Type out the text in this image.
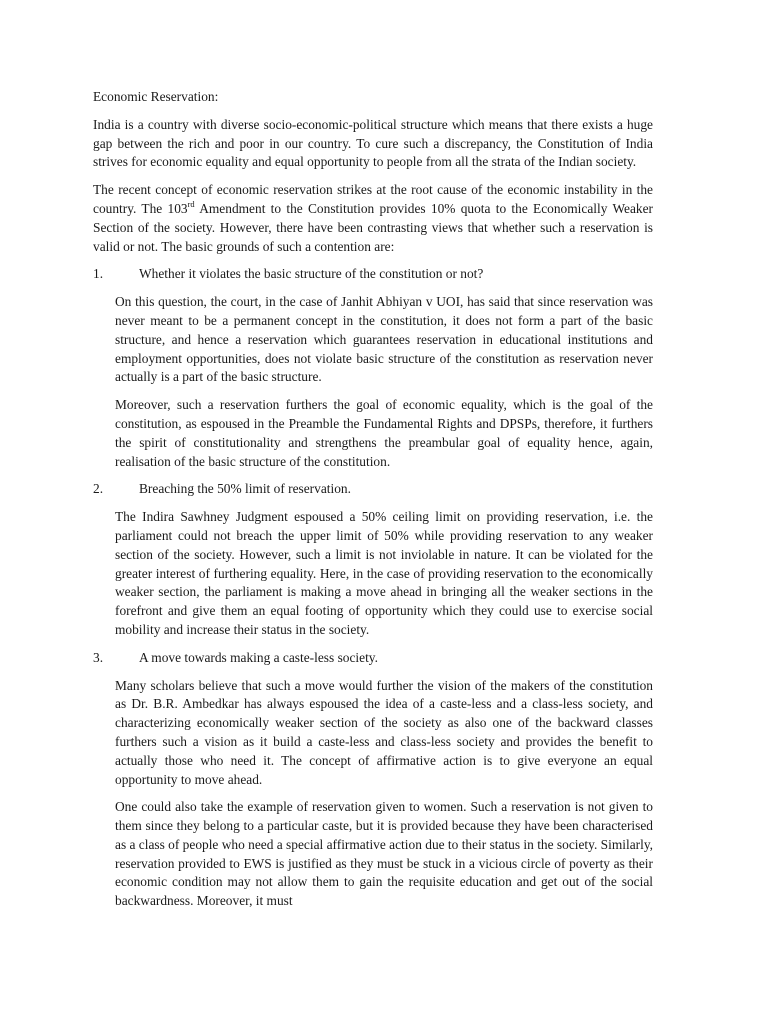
Economic Reservation:

India is a country with diverse socio-economic-political structure which means that there exists a huge gap between the rich and poor in our country. To cure such a discrepancy, the Constitution of India strives for economic equality and equal opportunity to people from all the strata of the Indian society.

The recent concept of economic reservation strikes at the root cause of the economic instability in the country. The 103rd Amendment to the Constitution provides 10% quota to the Economically Weaker Section of the society. However, there have been contrasting views that whether such a reservation is valid or not. The basic grounds of such a contention are:

1.	Whether it violates the basic structure of the constitution or not?

On this question, the court, in the case of Janhit Abhiyan v UOI, has said that since reservation was never meant to be a permanent concept in the constitution, it does not form a part of the basic structure, and hence a reservation which guarantees reservation in educational institutions and employment opportunities, does not violate basic structure of the constitution as reservation never actually is a part of the basic structure.

Moreover, such a reservation furthers the goal of economic equality, which is the goal of the constitution, as espoused in the Preamble the Fundamental Rights and DPSPs, therefore, it furthers the spirit of constitutionality and strengthens the preambular goal of equality hence, again, realisation of the basic structure of the constitution.

2.	Breaching the 50% limit of reservation.

The Indira Sawhney Judgment espoused a 50% ceiling limit on providing reservation, i.e. the parliament could not breach the upper limit of 50% while providing reservation to any weaker section of the society. However, such a limit is not inviolable in nature. It can be violated for the greater interest of furthering equality. Here, in the case of providing reservation to the economically weaker section, the parliament is making a move ahead in bringing all the weaker sections in the forefront and give them an equal footing of opportunity which they could use to exercise social mobility and increase their status in the society.

3.	A move towards making a caste-less society.

Many scholars believe that such a move would further the vision of the makers of the constitution as Dr. B.R. Ambedkar has always espoused the idea of a caste-less and a class-less society, and characterizing economically weaker section of the society as also one of the backward classes furthers such a vision as it build a caste-less and class-less society and provides the benefit to actually those who need it. The concept of affirmative action is to give everyone an equal opportunity to move ahead.

One could also take the example of reservation given to women. Such a reservation is not given to them since they belong to a particular caste, but it is provided because they have been characterised as a class of people who need a special affirmative action due to their status in the society. Similarly, reservation provided to EWS is justified as they must be stuck in a vicious circle of poverty as their economic condition may not allow them to gain the requisite education and get out of the social backwardness. Moreover, it must
